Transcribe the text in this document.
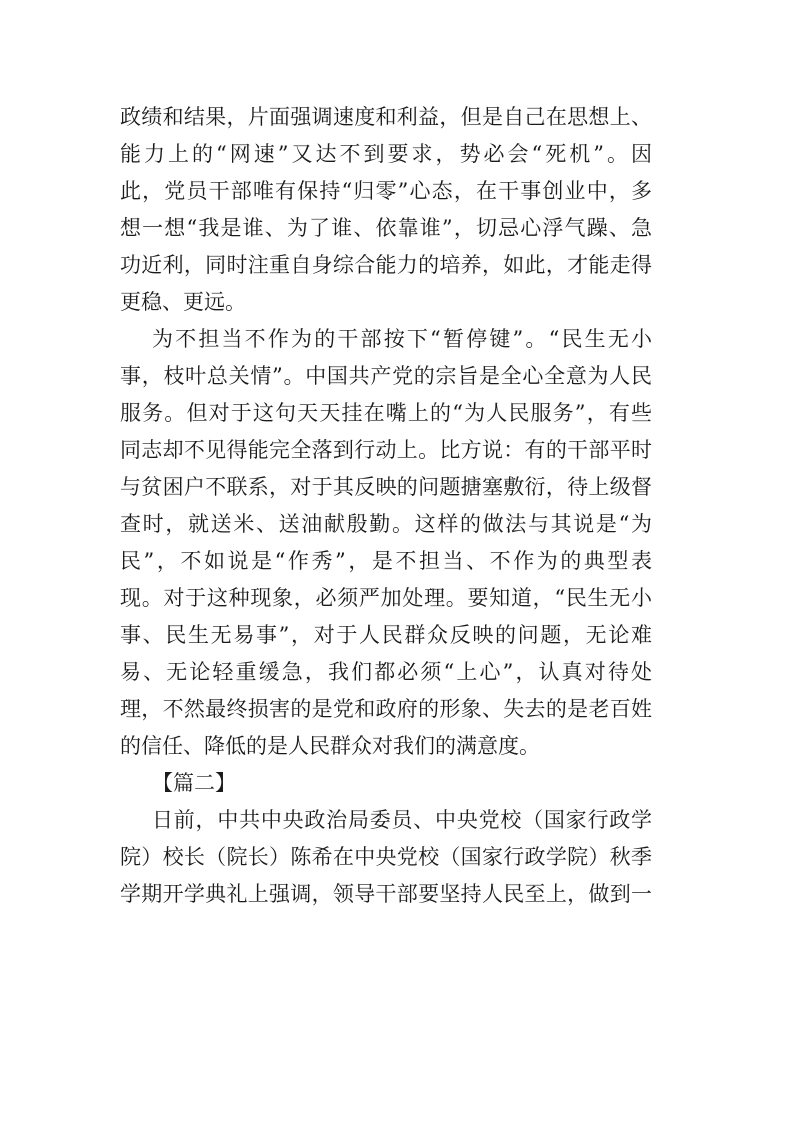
政绩和结果，片面强调速度和利益，但是自己在思想上、
能力上的“网速”又达不到要求，势必会“死机”。因
此，党员干部唯有保持“归零”心态，在干事创业中，多
想一想“我是谁、为了谁、依靠谁”，切忌心浮气躁、急
功近利，同时注重自身综合能力的培养，如此，才能走得
更稳、更远。
为不担当不作为的干部按下“暂停键”。“民生无小
事，枝叶总关情”。中国共产党的宗旨是全心全意为人民
服务。但对于这句天天挂在嘴上的“为人民服务”，有些
同志却不见得能完全落到行动上。比方说：有的干部平时
与贫困户不联系，对于其反映的问题搪塞敷衍，待上级督
查时，就送米、送油献殷勤。这样的做法与其说是“为
民”，不如说是“作秀”，是不担当、不作为的典型表
现。对于这种现象，必须严加处理。要知道，“民生无小
事、民生无易事”，对于人民群众反映的问题，无论难
易、无论轻重缓急，我们都必须“上心”，认真对待处
理，不然最终损害的是党和政府的形象、失去的是老百姓
的信任、降低的是人民群众对我们的满意度。
【篇二】
日前，中共中央政治局委员、中央党校（国家行政学
院）校长（院长）陈希在中央党校（国家行政学院）秋季
学期开学典礼上强调，领导干部要坚持人民至上，做到一
